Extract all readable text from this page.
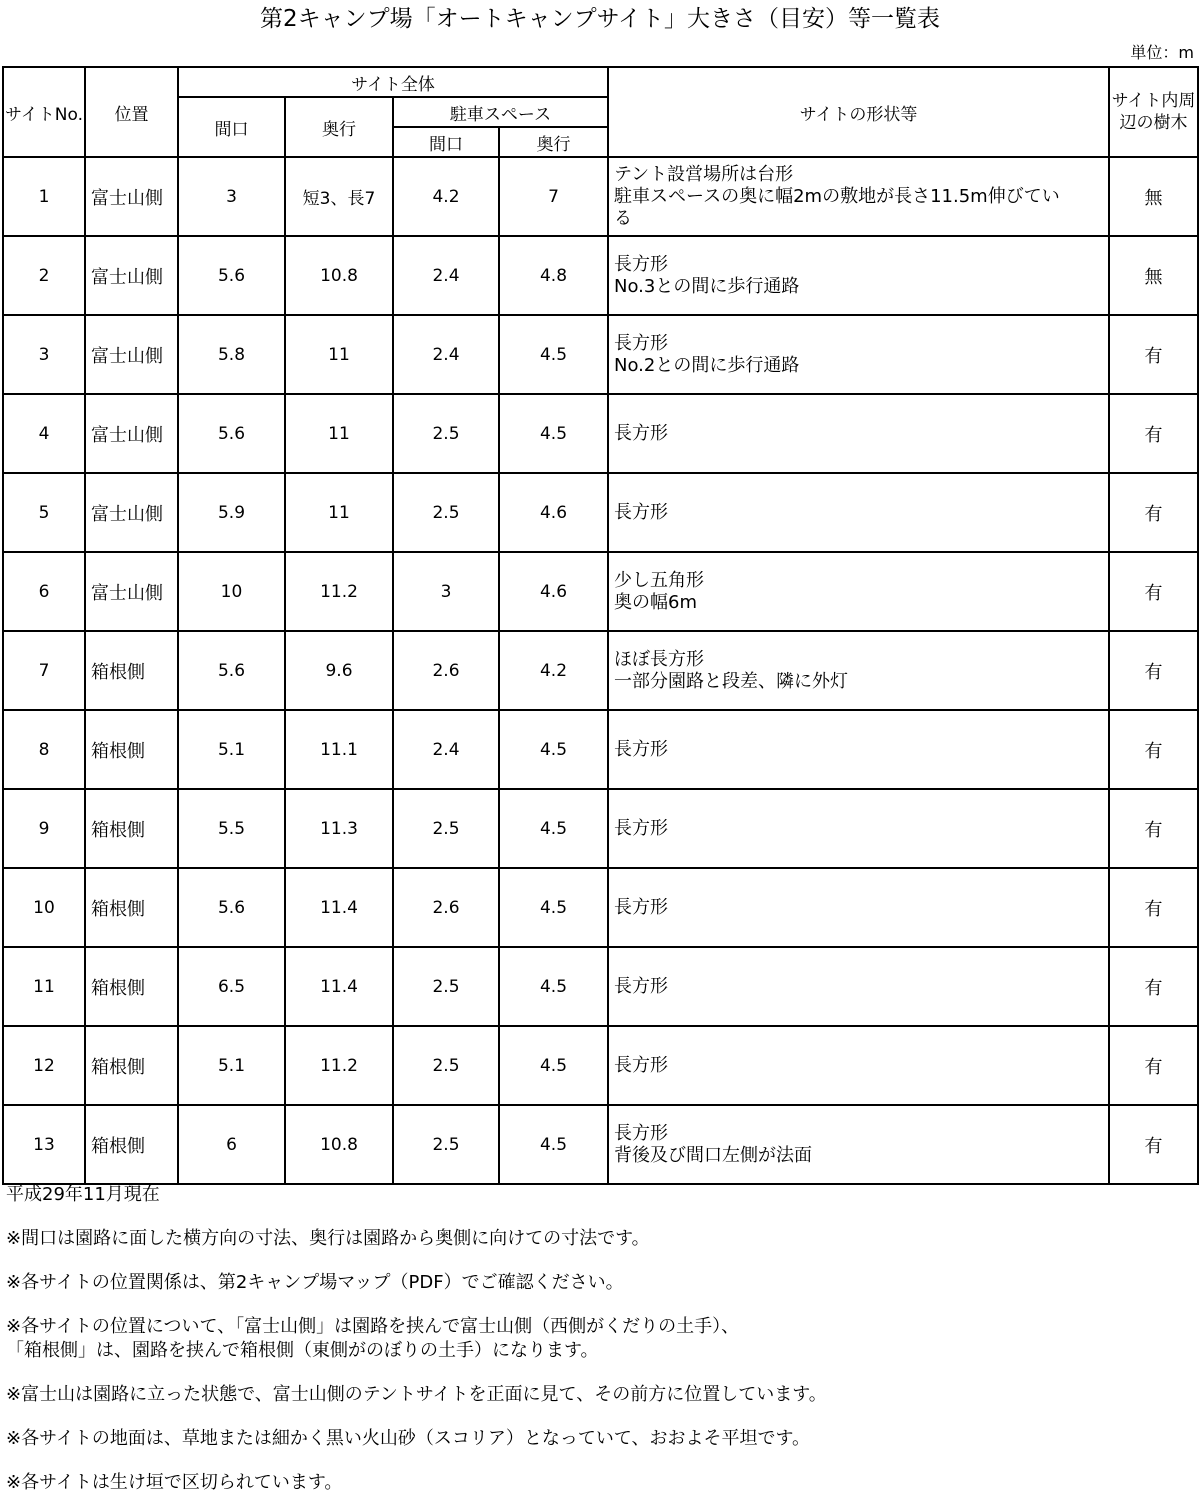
第2キャンプ場「オートキャンプサイト」大きさ（目安）等一覧表
単位：m
サイトNo.	位置	サイト全体				サイトの形状等	サイト内周辺の樹木
		間口	奥行	駐車スペース			
				間口	奥行		
1	富士山側	3	短3、長7	4.2	7	テント設営場所は台形
駐車スペースの奥に幅2mの敷地が長さ11.5m伸びてい
る	無
2	富士山側	5.6	10.8	2.4	4.8	長方形
No.3との間に歩行通路	無
3	富士山側	5.8	11	2.4	4.5	長方形
No.2との間に歩行通路	有
4	富士山側	5.6	11	2.5	4.5	長方形	有
5	富士山側	5.9	11	2.5	4.6	長方形	有
6	富士山側	10	11.2	3	4.6	少し五角形
奥の幅6m	有
7	箱根側	5.6	9.6	2.6	4.2	ほぼ長方形
一部分園路と段差、隣に外灯	有
8	箱根側	5.1	11.1	2.4	4.5	長方形	有
9	箱根側	5.5	11.3	2.5	4.5	長方形	有
10	箱根側	5.6	11.4	2.6	4.5	長方形	有
11	箱根側	6.5	11.4	2.5	4.5	長方形	有
12	箱根側	5.1	11.2	2.5	4.5	長方形	有
13	箱根側	6	10.8	2.5	4.5	長方形
背後及び間口左側が法面	有
平成29年11月現在
※間口は園路に面した横方向の寸法、奥行は園路から奥側に向けての寸法です。
※各サイトの位置関係は、第2キャンプ場マップ（PDF）でご確認ください。
※各サイトの位置について、「富士山側」は園路を挟んで富士山側（西側がくだりの土手）、
「箱根側」は、園路を挟んで箱根側（東側がのぼりの土手）になります。
※富士山は園路に立った状態で、富士山側のテントサイトを正面に見て、その前方に位置しています。
※各サイトの地面は、草地または細かく黒い火山砂（スコリア）となっていて、おおよそ平坦です。
※各サイトは生け垣で区切られています。
